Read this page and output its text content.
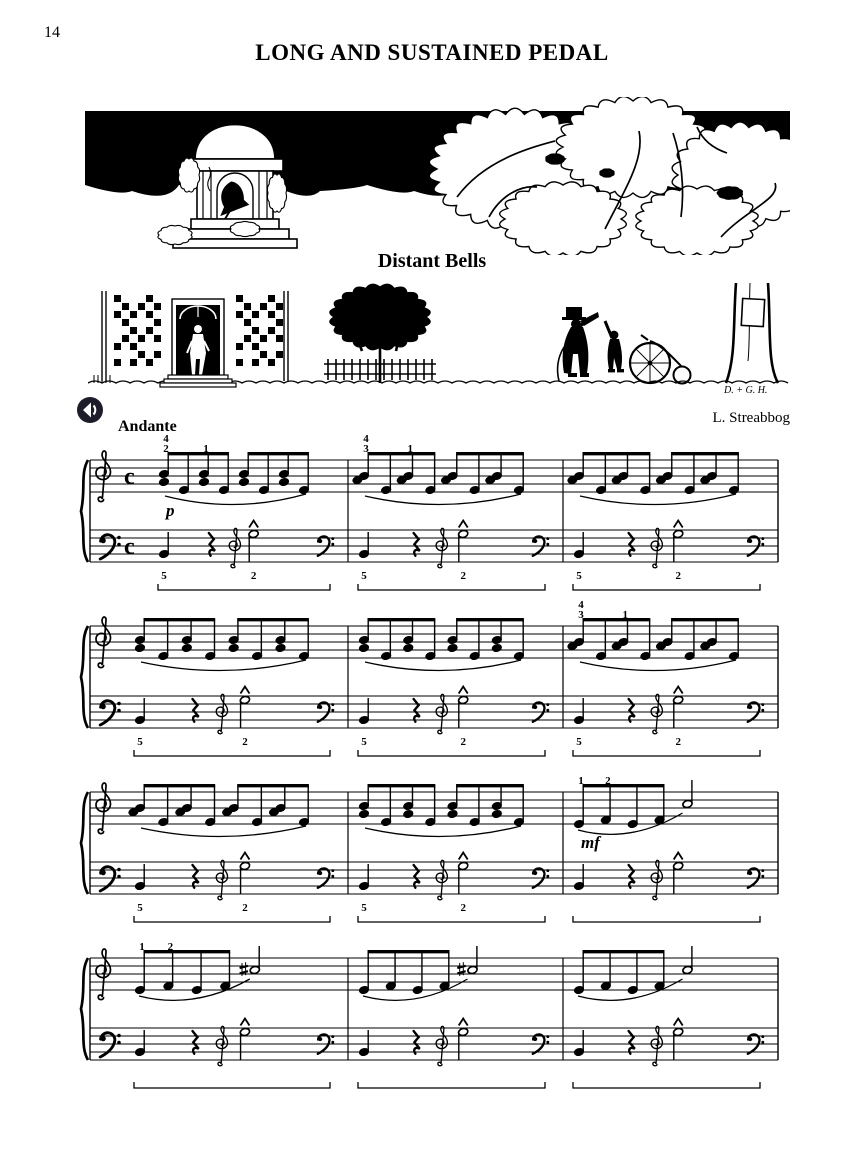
14
LONG AND SUSTAINED PEDAL
Distant Bells
D. + G. H.
Andante	L. Streabbog
c
c
4
2	1
p
5	2
4
3	1
5	2	5	2
5	2	5	2
4
3	1
5	2
5	2	5	2
1 2
mf
1 2
